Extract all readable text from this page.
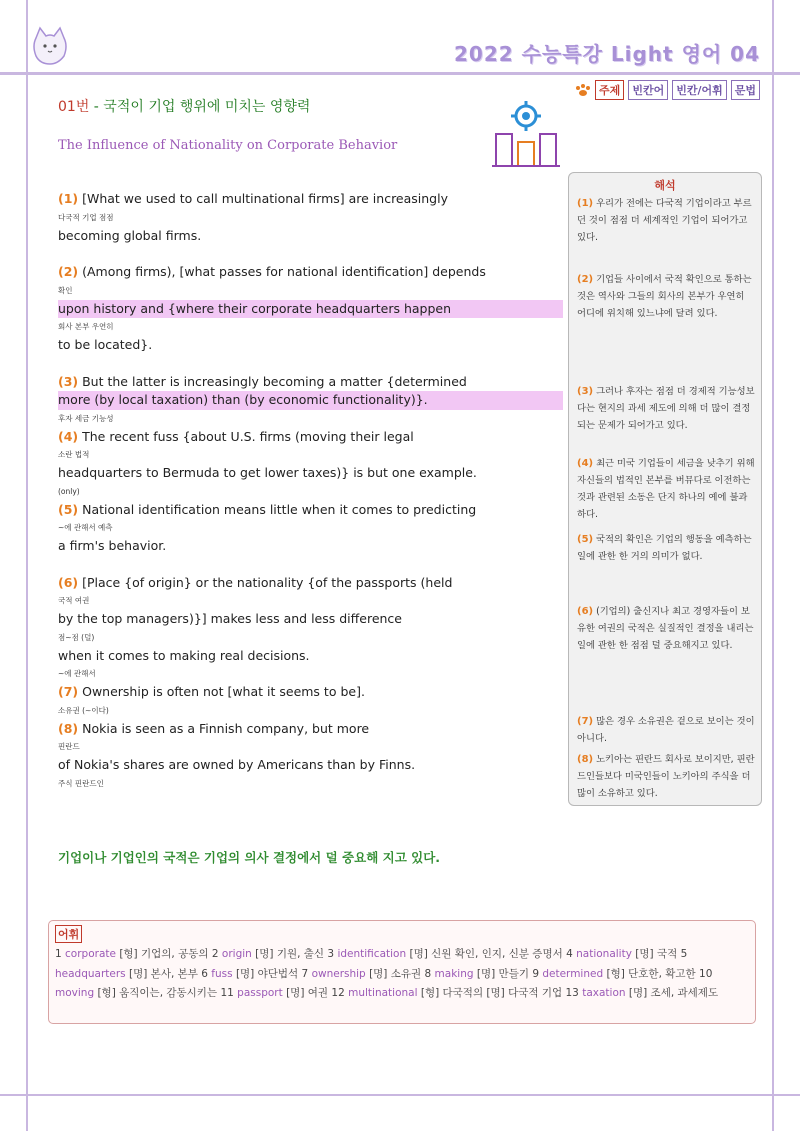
2022 수능특강 Light 영어 04
주제	빈칸어	빈칸/어휘	문법
01번 - 국적이 기업 행위에 미치는 영향력
The Influence of Nationality on Corporate Behavior
(1) [What we used to call multinational firms] are increasingly
다국적 기업 점점
becoming global firms.
(2) (Among firms), [what passes for national identification] depends
확인
upon history and {where their corporate headquarters happen
회사 본부 우연히
to be located}.
(3) But the latter is increasingly becoming a matter {determined
more (by local taxation) than (by economic functionality)}.
후자 세금 기능성
(4) The recent fuss {about U.S. firms (moving their legal
소란 법적
headquarters to Bermuda to get lower taxes)} is but one example.
(only)
(5) National identification means little when it comes to predicting
~에 관해서 예측
a firm's behavior.
(6) [Place {of origin} or the nationality {of the passports (held
국적 여권
by the top managers)}] makes less and less difference
점~점 (덜)
when it comes to making real decisions.
~에 관해서
(7) Ownership is often not [what it seems to be].
소유권 (∼이다)
(8) Nokia is seen as a Finnish company, but more
핀란드
of Nokia's shares are owned by Americans than by Finns.
주식 핀란드인
해석
(1) 우리가 전에는 다국적 기업이라고 부르던 것이 점점 더 세계적인 기업이 되어가고 있다.
(2) 기업들 사이에서 국적 확인으로 통하는 것은 역사와 그들의 회사의 본부가 우연히 어디에 위치해 있느냐에 달려 있다.
(3) 그러나 후자는 점점 더 경제적 기능성보다는 현지의 과세 제도에 의해 더 많이 결정되는 문제가 되어가고 있다.
(4) 최근 미국 기업들이 세금을 낮추기 위해 자신들의 법적인 본부를 버뮤다로 이전하는 것과 관련된 소동은 단지 하나의 예에 불과하다.
(5) 국적의 확인은 기업의 행동을 예측하는 일에 관한 한 거의 의미가 없다.
(6) (기업의) 출신지나 최고 경영자들이 보유한 여권의 국적은 실질적인 결정을 내리는 일에 관한 한 점점 덜 중요해지고 있다.
(7) 많은 경우 소유권은 겉으로 보이는 것이 아니다.
(8) 노키아는 핀란드 회사로 보이지만, 핀란드인들보다 미국인들이 노키아의 주식을 더 많이 소유하고 있다.
기업이나 기업인의 국적은 기업의 의사 결정에서 덜 중요해 지고 있다.
어휘
1 corporate [형] 기업의, 공동의 2 origin [명] 기원, 출신 3 identification [명] 신원 확인, 인지, 신분 증명서 4 nationality [명] 국적 5 headquarters [명] 본사, 본부 6 fuss [명] 야단법석 7 ownership [명] 소유권 8 making [명] 만들기 9 determined [형] 단호한, 확고한 10 moving [형] 움직이는, 감동시키는 11 passport [명] 여권 12 multinational [형] 다국적의 [명] 다국적 기업 13 taxation [명] 조세, 과세제도
